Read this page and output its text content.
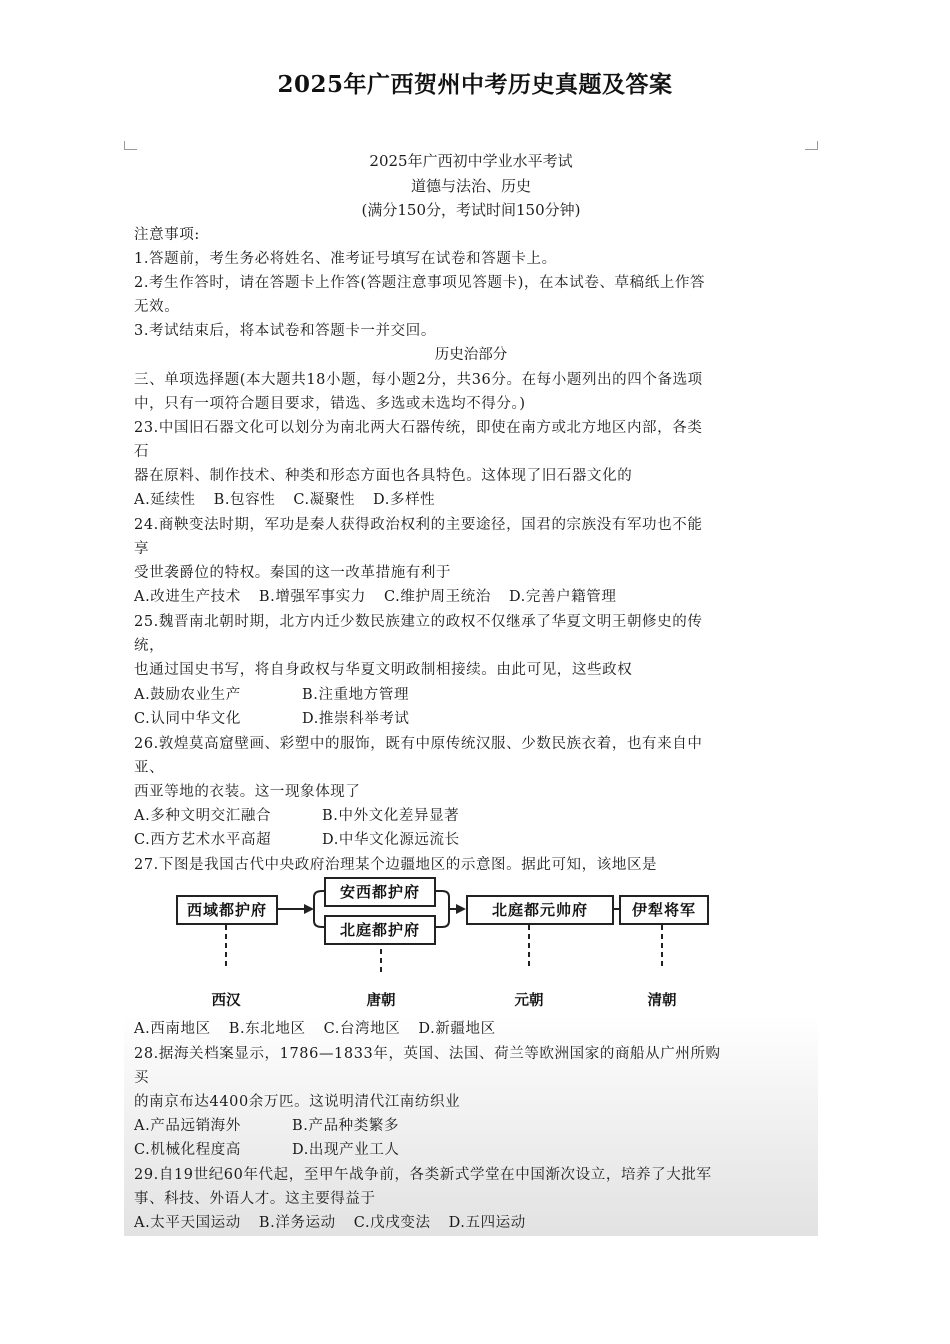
2025年广西贺州中考历史真题及答案
2025年广西初中学业水平考试
道德与法治、历史
(满分150分，考试时间150分钟)
注意事项:
1.答题前，考生务必将姓名、准考证号填写在试卷和答题卡上。
2.考生作答时，请在答题卡上作答(答题注意事项见答题卡)，在本试卷、草稿纸上作答
无效。
3.考试结束后，将本试卷和答题卡一并交回。
历史治部分
三、单项选择题(本大题共18小题，每小题2分，共36分。在每小题列出的四个备选项
中，只有一项符合题目要求，错选、多选或未选均不得分。)
23.中国旧石器文化可以划分为南北两大石器传统，即使在南方或北方地区内部，各类
石
器在原料、制作技术、种类和形态方面也各具特色。这体现了旧石器文化的
A.延续性 B.包容性 C.凝聚性 D.多样性
24.商鞅变法时期，军功是秦人获得政治权利的主要途径，国君的宗族没有军功也不能
享
受世袭爵位的特权。秦国的这一改革措施有利于
A.改进生产技术 B.增强军事实力 C.维护周王统治 D.完善户籍管理
25.魏晋南北朝时期，北方内迁少数民族建立的政权不仅继承了华夏文明王朝修史的传
统，
也通过国史书写，将自身政权与华夏文明政制相接续。由此可见，这些政权
A.鼓励农业生产	B.注重地方管理
C.认同中华文化	D.推崇科举考试
26.敦煌莫高窟壁画、彩塑中的服饰，既有中原传统汉服、少数民族衣着，也有来自中
亚、
西亚等地的衣装。这一现象体现了
A.多种文明交汇融合	B.中外文化差异显著
C.西方艺术水平高超	D.中华文化源远流长
27.下图是我国古代中央政府治理某个边疆地区的示意图。据此可知，该地区是
西域都护府
安西都护府
北庭都护府
北庭都元帅府	伊犁将军
西汉	唐朝	元朝	清朝
A.西南地区 B.东北地区 C.台湾地区 D.新疆地区
28.据海关档案显示，1786—1833年，英国、法国、荷兰等欧洲国家的商船从广州所购
买
的南京布达4400余万匹。这说明清代江南纺织业
A.产品远销海外	B.产品种类繁多
C.机械化程度高	D.出现产业工人
29.自19世纪60年代起，至甲午战争前，各类新式学堂在中国渐次设立，培养了大批军
事、科技、外语人才。这主要得益于
A.太平天国运动 B.洋务运动 C.戊戌变法 D.五四运动
